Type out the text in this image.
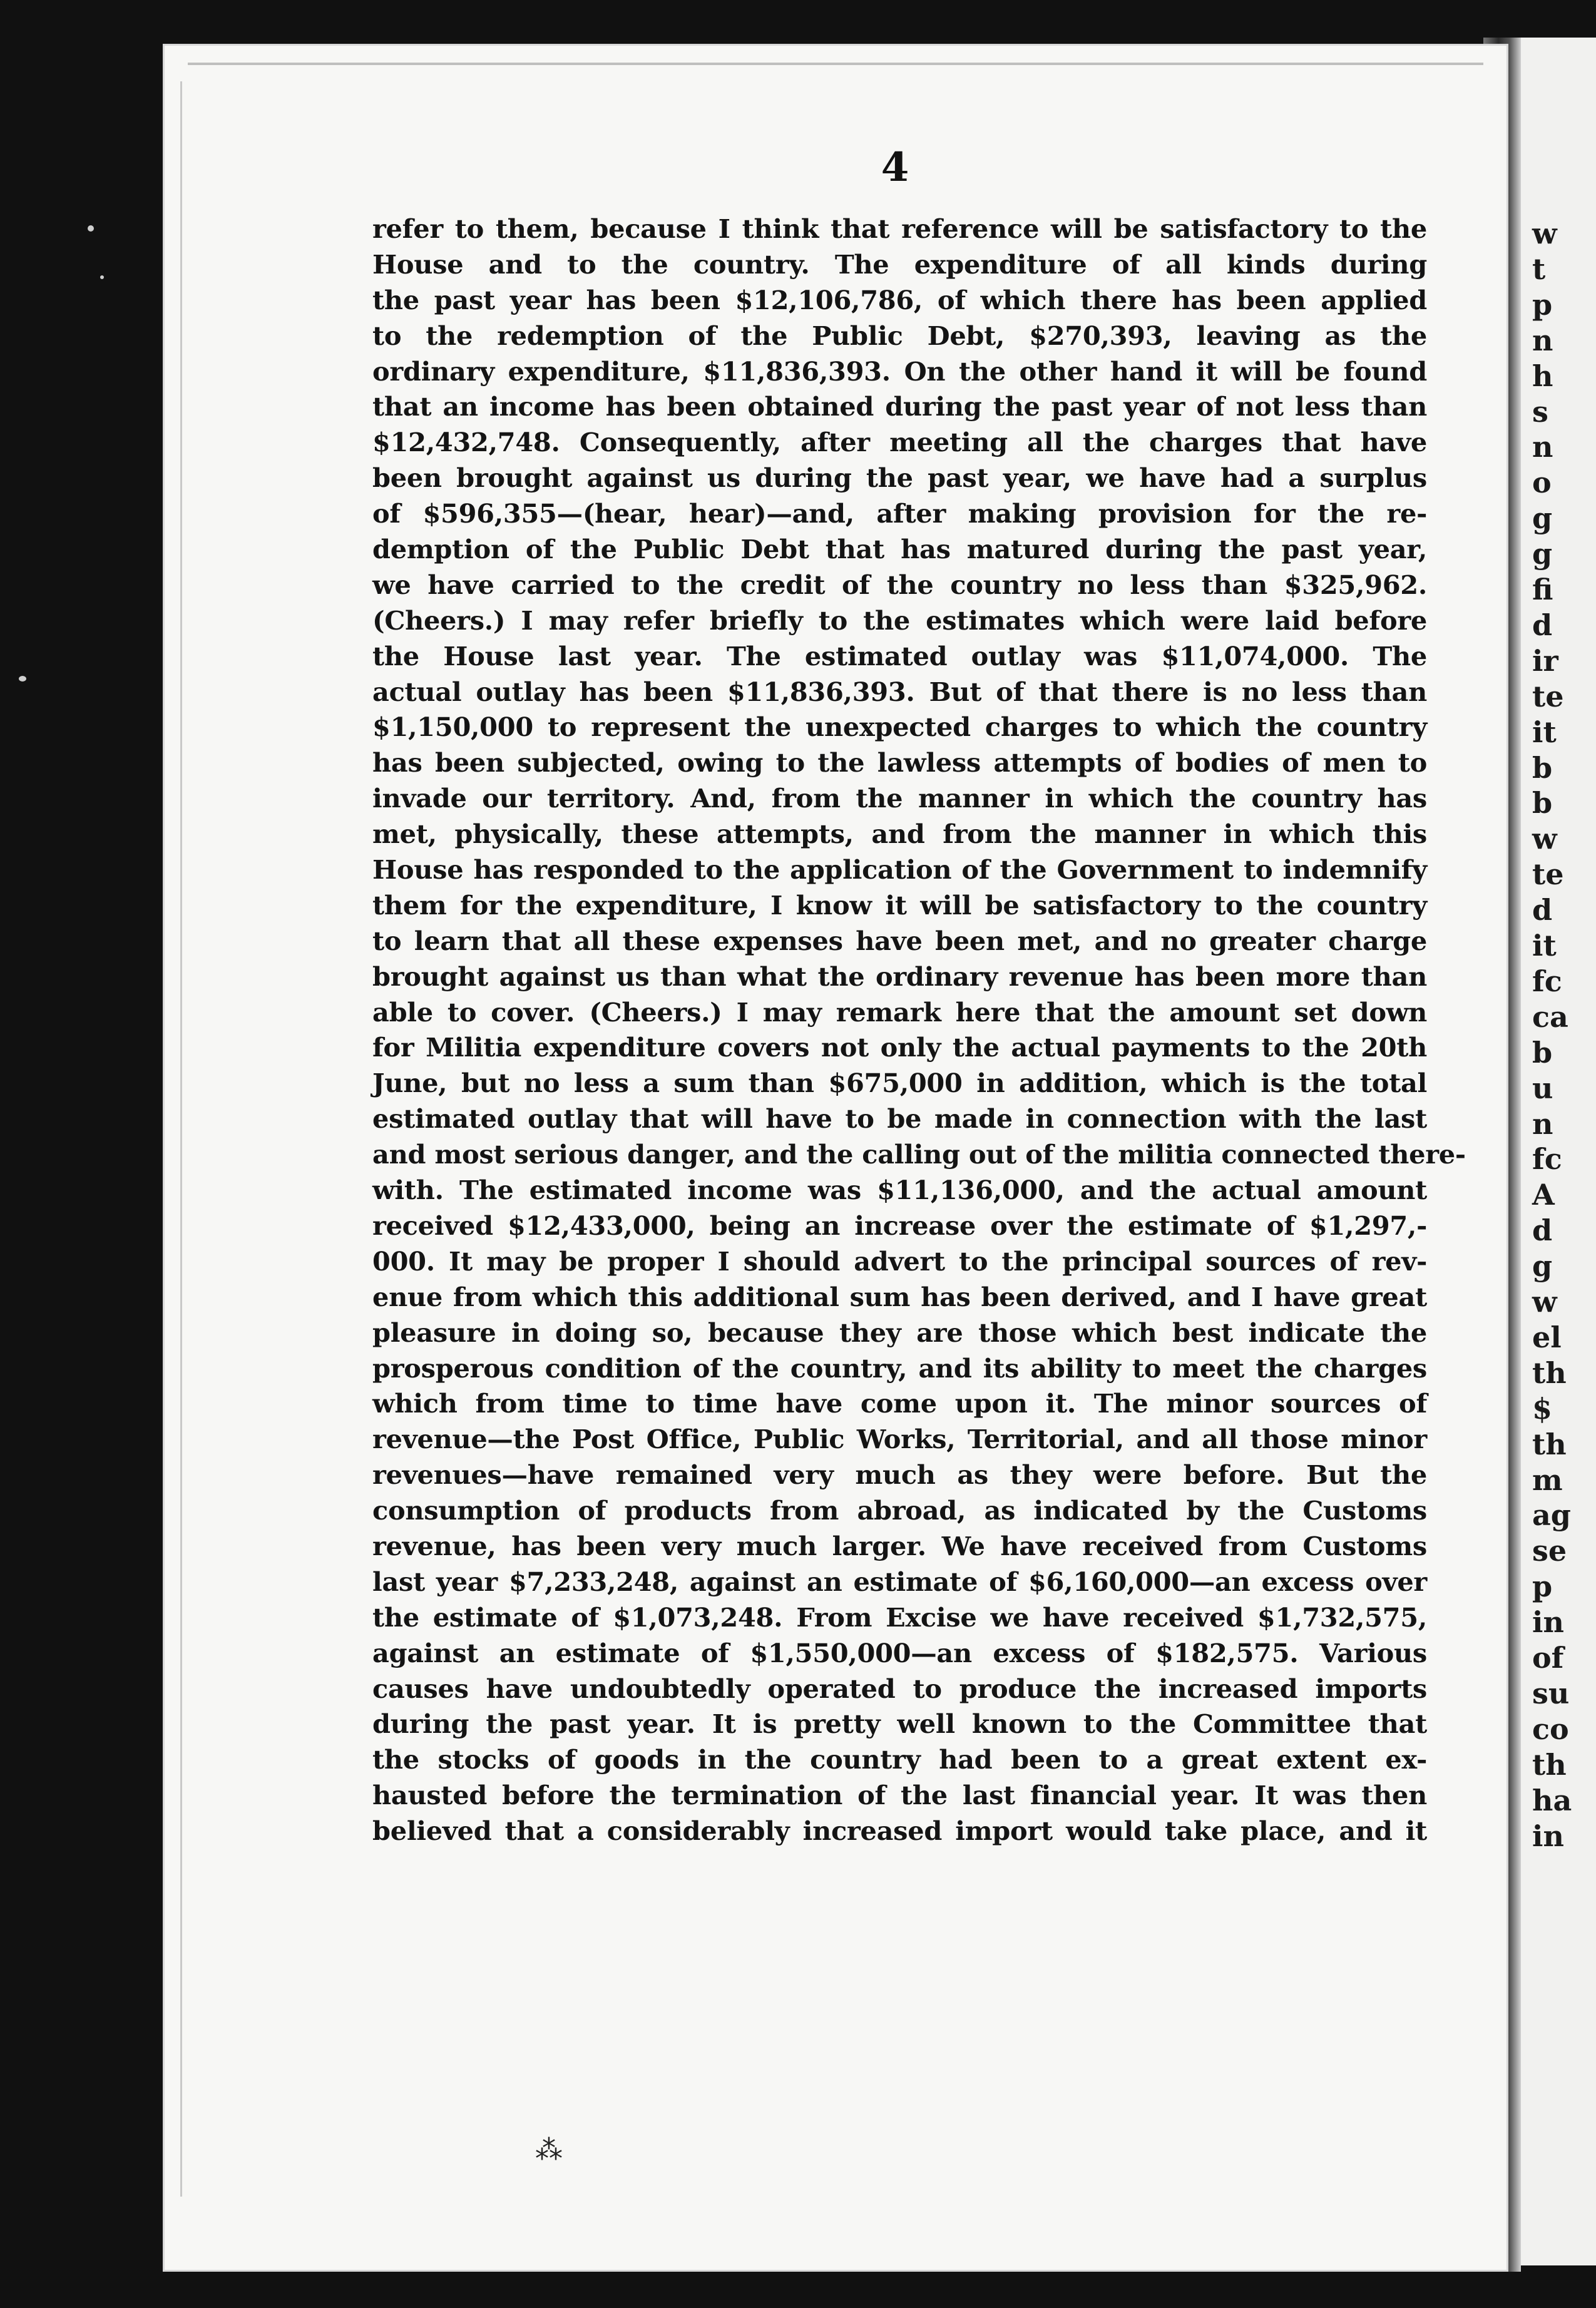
w
t
p
n
h
s
n
o
g
g
fi
d
ir
te
it
b
b
w
te
d
it
fc
ca
b
u
n
fc
A
d
g
w
el
th
$
th
m
ag
se
p
in
of
su
co
th
ha
in
4
refer to them, because I think that reference will be satisfactory to the
House and to the country. The expenditure of all kinds during
the past year has been $12,106,786, of which there has been applied
to the redemption of the Public Debt, $270,393, leaving as the
ordinary expenditure, $11,836,393. On the other hand it will be found
that an income has been obtained during the past year of not less than
$12,432,748. Consequently, after meeting all the charges that have
been brought against us during the past year, we have had a surplus
of $596,355—(hear, hear)—and, after making provision for the re-
demption of the Public Debt that has matured during the past year,
we have carried to the credit of the country no less than $325,962.
(Cheers.) I may refer briefly to the estimates which were laid before
the House last year. The estimated outlay was $11,074,000. The
actual outlay has been $11,836,393. But of that there is no less than
$1,150,000 to represent the unexpected charges to which the country
has been subjected, owing to the lawless attempts of bodies of men to
invade our territory. And, from the manner in which the country has
met, physically, these attempts, and from the manner in which this
House has responded to the application of the Government to indemnify
them for the expenditure, I know it will be satisfactory to the country
to learn that all these expenses have been met, and no greater charge
brought against us than what the ordinary revenue has been more than
able to cover. (Cheers.) I may remark here that the amount set down
for Militia expenditure covers not only the actual payments to the 20th
June, but no less a sum than $675,000 in addition, which is the total
estimated outlay that will have to be made in connection with the last
and most serious danger, and the calling out of the militia connected there-
with. The estimated income was $11,136,000, and the actual amount
received $12,433,000, being an increase over the estimate of $1,297,-
000. It may be proper I should advert to the principal sources of rev-
enue from which this additional sum has been derived, and I have great
pleasure in doing so, because they are those which best indicate the
prosperous condition of the country, and its ability to meet the charges
which from time to time have come upon it. The minor sources of
revenue—the Post Office, Public Works, Territorial, and all those minor
revenues—have remained very much as they were before. But the
consumption of products from abroad, as indicated by the Customs
revenue, has been very much larger. We have received from Customs
last year $7,233,248, against an estimate of $6,160,000—an excess over
the estimate of $1,073,248. From Excise we have received $1,732,575,
against an estimate of $1,550,000—an excess of $182,575. Various
causes have undoubtedly operated to produce the increased imports
during the past year. It is pretty well known to the Committee that
the stocks of goods in the country had been to a great extent ex-
hausted before the termination of the last financial year. It was then
believed that a considerably increased import would take place, and it
⁂
